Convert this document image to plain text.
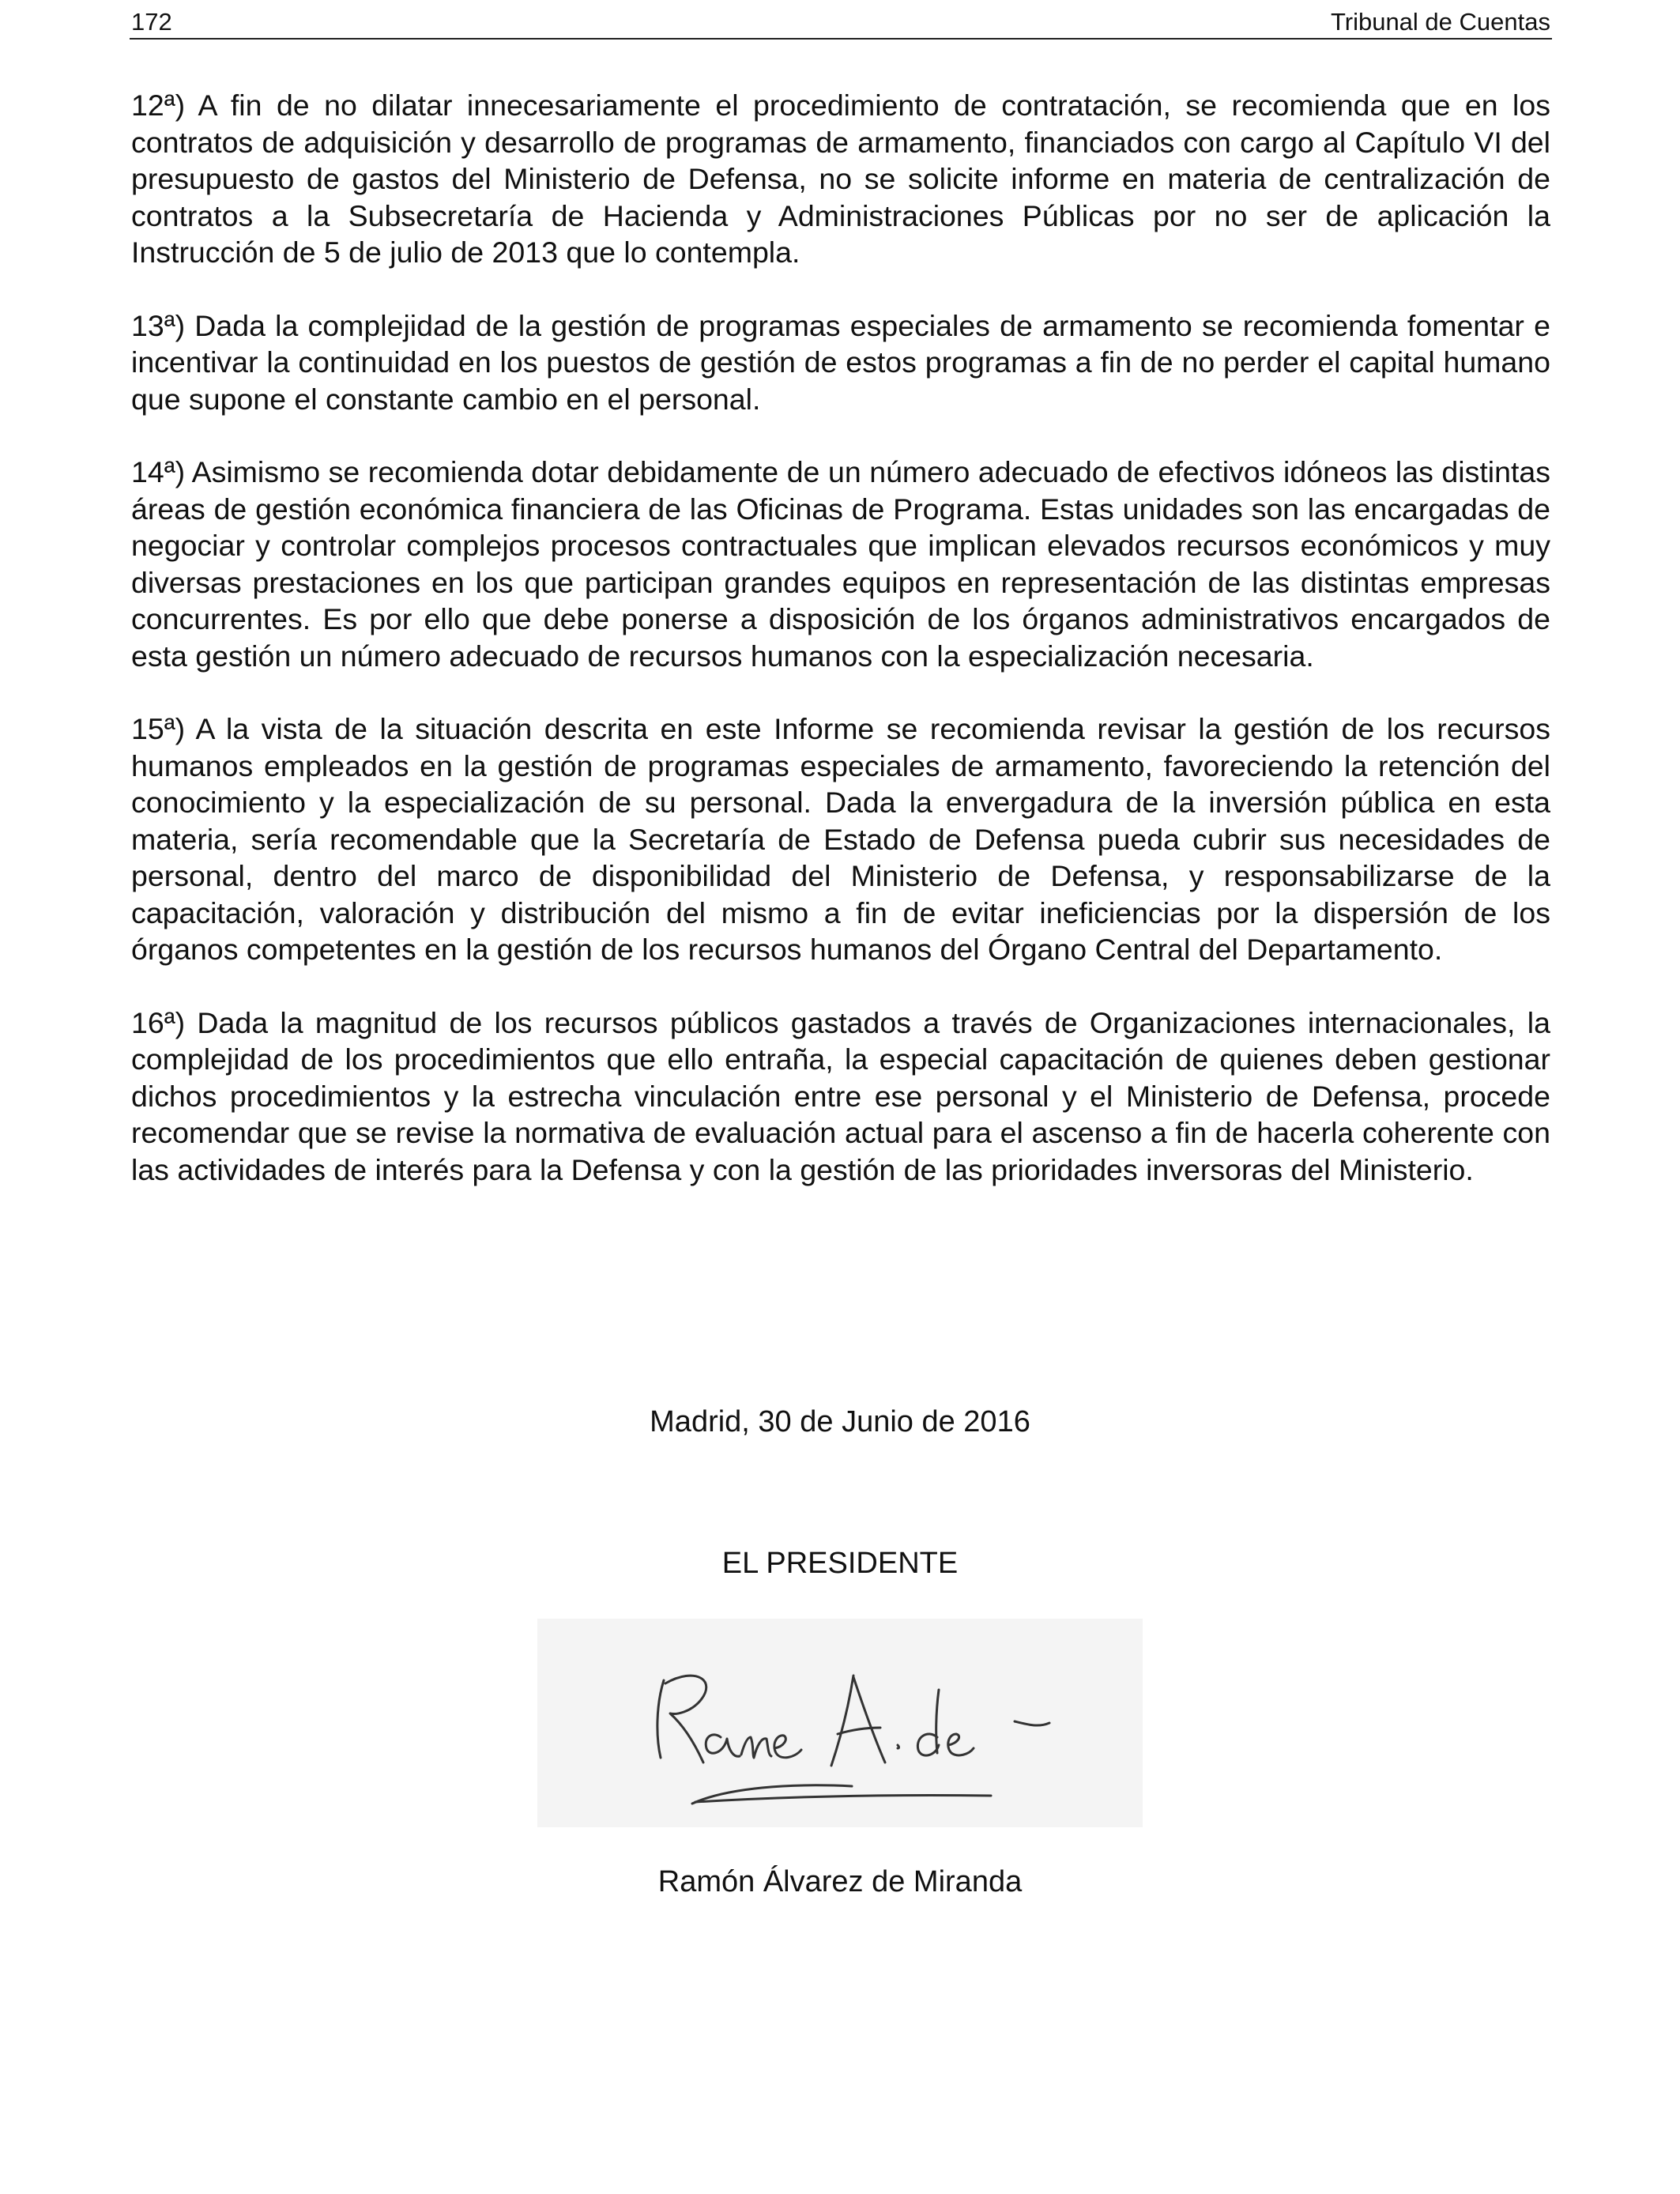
172	Tribunal de Cuentas

12ª) A fin de no dilatar innecesariamente el procedimiento de contratación, se recomienda que en los contratos de adquisición y desarrollo de programas de armamento, financiados con cargo al Capítulo VI del presupuesto de gastos del Ministerio de Defensa, no se solicite informe en materia de centralización de contratos a la Subsecretaría de Hacienda y Administraciones Públicas por no ser de aplicación la Instrucción de 5 de julio de 2013 que lo contempla.

13ª) Dada la complejidad de la gestión de programas especiales de armamento se recomienda fomentar e incentivar la continuidad en los puestos de gestión de estos programas a fin de no perder el capital humano que supone el constante cambio en el personal.

14ª) Asimismo se recomienda dotar debidamente de un número adecuado de efectivos idóneos las distintas áreas de gestión económica financiera de las Oficinas de Programa. Estas unidades son las encargadas de negociar y controlar complejos procesos contractuales que implican elevados recursos económicos y muy diversas prestaciones en los que participan grandes equipos en representación de las distintas empresas concurrentes. Es por ello que debe ponerse a disposición de los órganos administrativos encargados de esta gestión un número adecuado de recursos humanos con la especialización necesaria.

15ª) A la vista de la situación descrita en este Informe se recomienda revisar la gestión de los recursos humanos empleados en la gestión de programas especiales de armamento, favoreciendo la retención del conocimiento y la especialización de su personal. Dada la envergadura de la inversión pública en esta materia, sería recomendable que la Secretaría de Estado de Defensa pueda cubrir sus necesidades de personal, dentro del marco de disponibilidad del Ministerio de Defensa, y responsabilizarse de la capacitación, valoración y distribución del mismo a fin de evitar ineficiencias por la dispersión de los órganos competentes en la gestión de los recursos humanos del Órgano Central del Departamento.

16ª) Dada la magnitud de los recursos públicos gastados a través de Organizaciones internacionales, la complejidad de los procedimientos que ello entraña, la especial capacitación de quienes deben gestionar dichos procedimientos y la estrecha vinculación entre ese personal y el Ministerio de Defensa, procede recomendar que se revise la normativa de evaluación actual para el ascenso a fin de hacerla coherente con las actividades de interés para la Defensa y con la gestión de las prioridades inversoras del Ministerio.

Madrid, 30 de Junio de 2016
EL PRESIDENTE
Ramón Álvarez de Miranda
